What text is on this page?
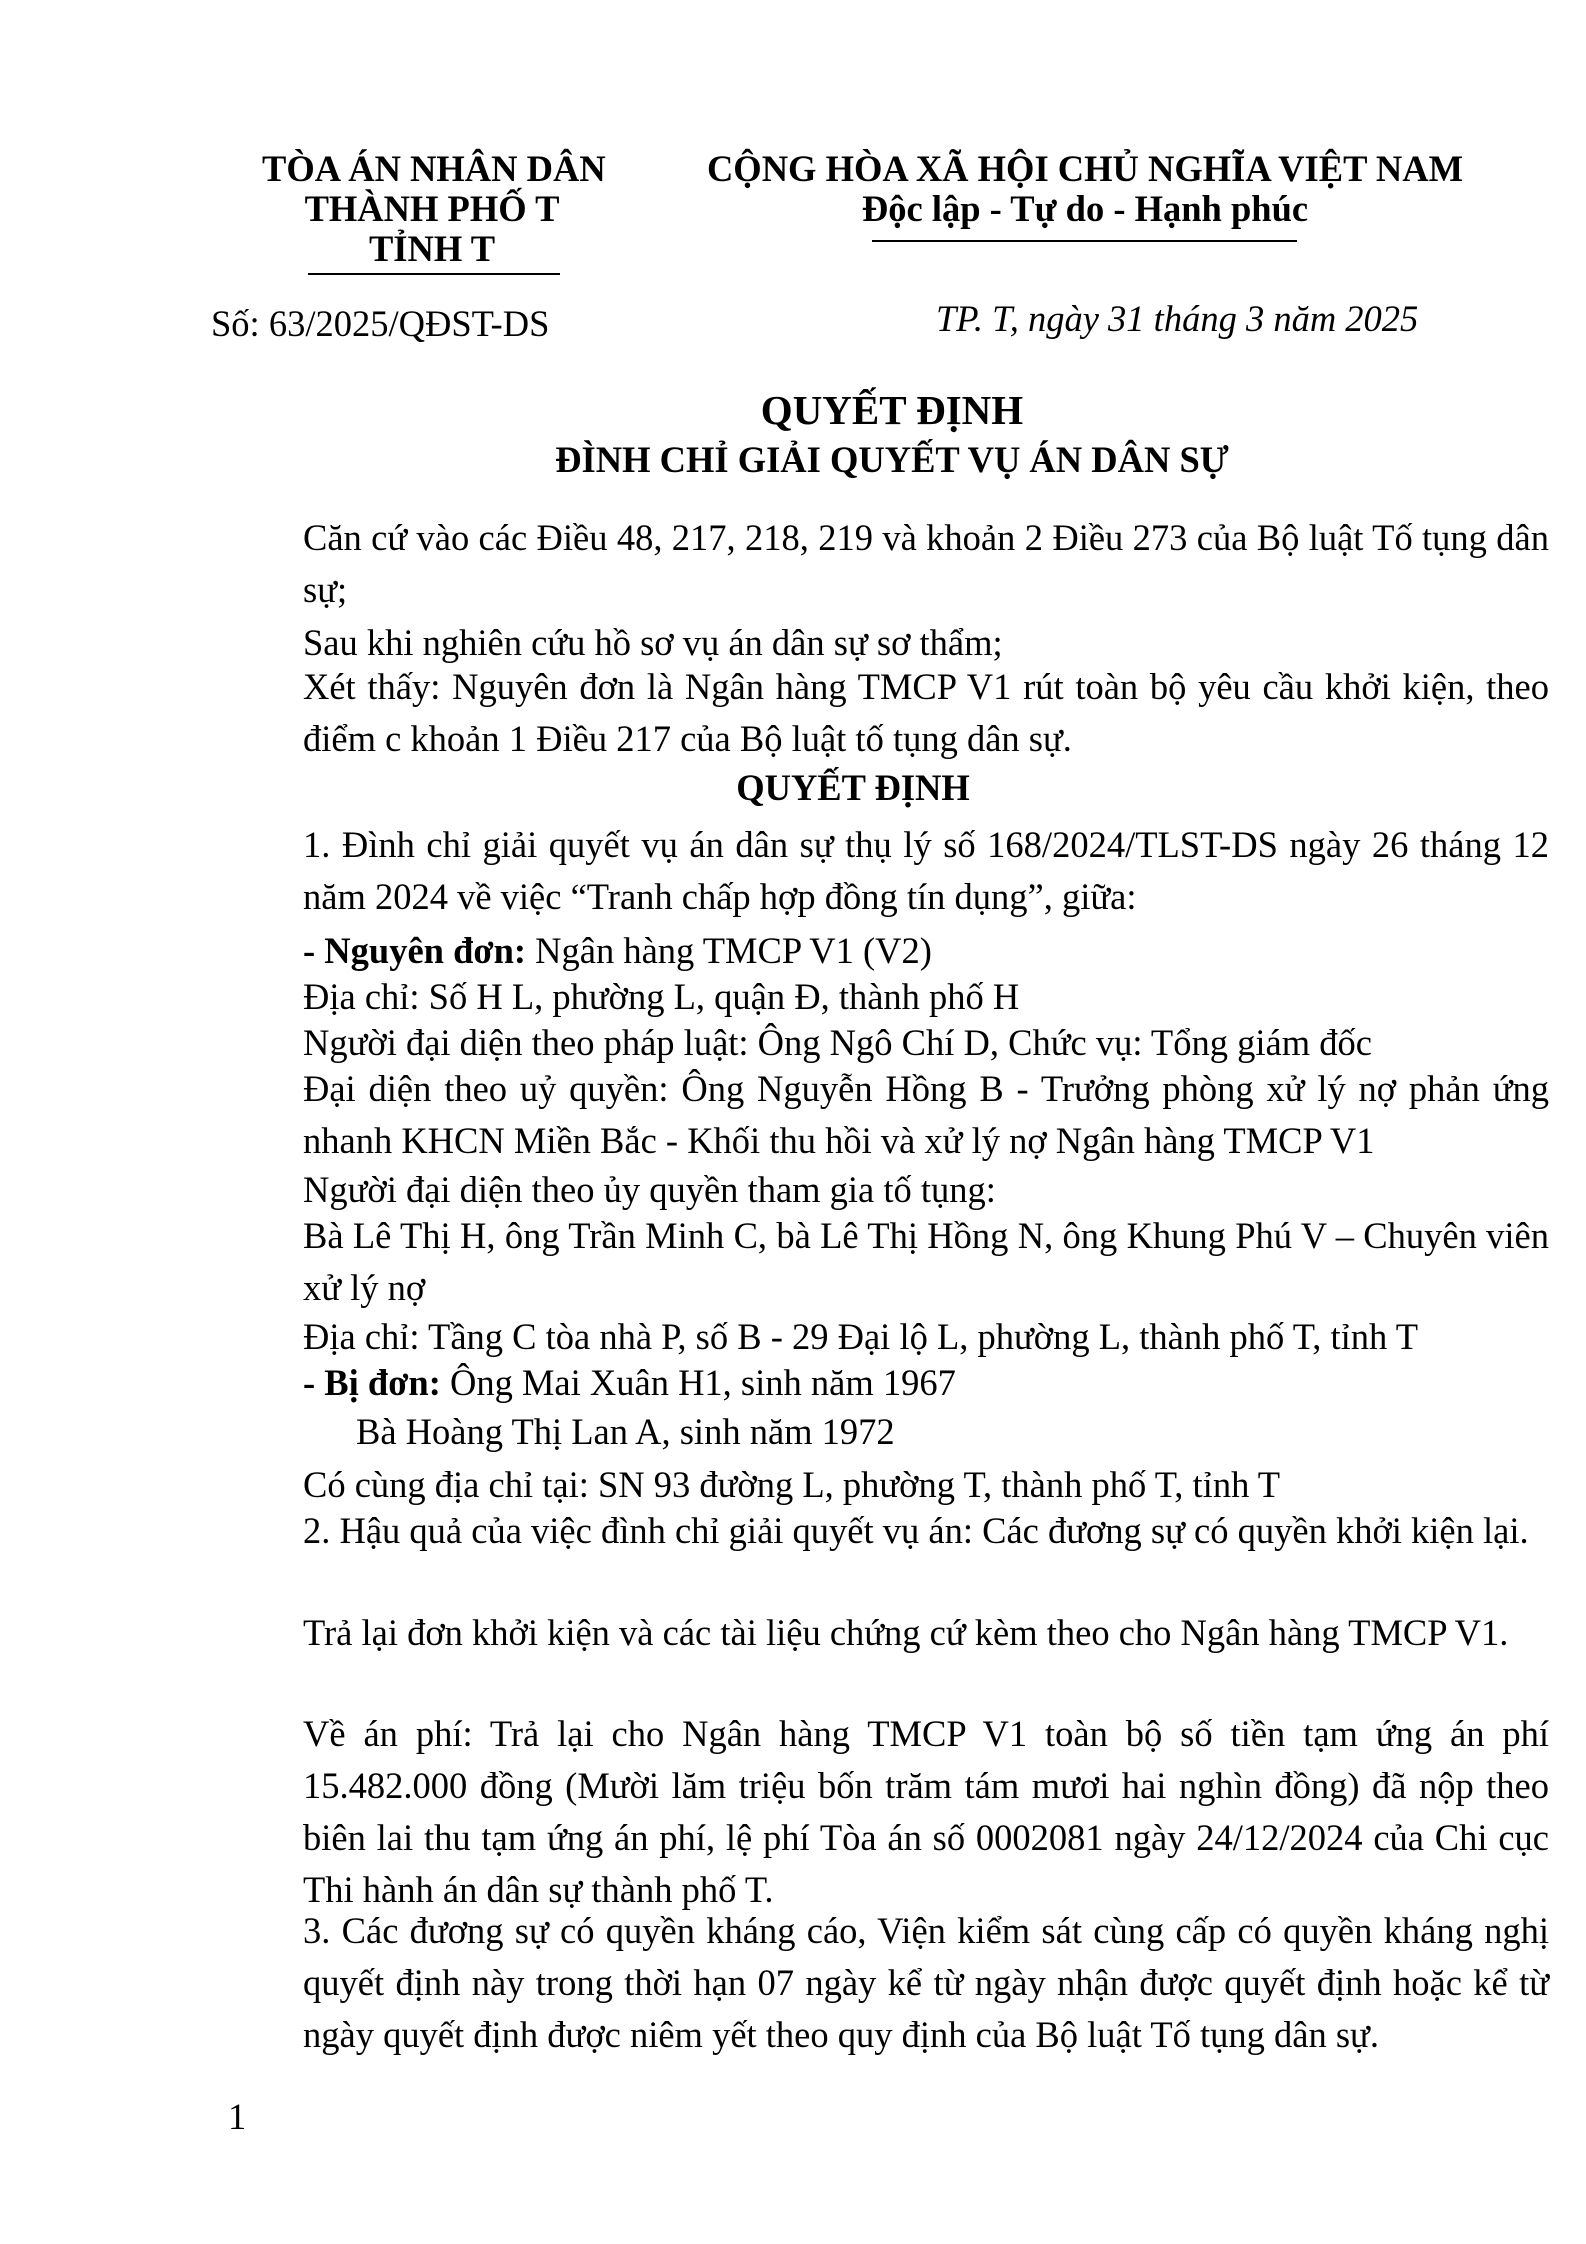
TÒA ÁN NHÂN DÂN
THÀNH PHỐ T
TỈNH T
CỘNG HÒA XÃ HỘI CHỦ NGHĨA VIỆT NAM
Độc lập - Tự do - Hạnh phúc
Số: 63/2025/QĐST-DS	TP. T, ngày 31 tháng 3 năm 2025
QUYẾT ĐỊNH
ĐÌNH CHỈ GIẢI QUYẾT VỤ ÁN DÂN SỰ
Căn cứ vào các Điều 48, 217, 218, 219 và khoản 2 Điều 273 của Bộ luật Tố tụng dân sự;
Sau khi nghiên cứu hồ sơ vụ án dân sự sơ thẩm;
Xét thấy: Nguyên đơn là Ngân hàng TMCP V1 rút toàn bộ yêu cầu khởi kiện, theo điểm c khoản 1 Điều 217 của Bộ luật tố tụng dân sự.
QUYẾT ĐỊNH
1. Đình chỉ giải quyết vụ án dân sự thụ lý số 168/2024/TLST-DS ngày 26 tháng 12 năm 2024 về việc “Tranh chấp hợp đồng tín dụng”, giữa:
- Nguyên đơn: Ngân hàng TMCP V1 (V2)
Địa chỉ: Số H L, phường L, quận Đ, thành phố H
Người đại diện theo pháp luật: Ông Ngô Chí D, Chức vụ: Tổng giám đốc
Đại diện theo uỷ quyền: Ông Nguyễn Hồng B - Trưởng phòng xử lý nợ phản ứng nhanh KHCN Miền Bắc - Khối thu hồi và xử lý nợ Ngân hàng TMCP V1
Người đại diện theo ủy quyền tham gia tố tụng:
Bà Lê Thị H, ông Trần Minh C, bà Lê Thị Hồng N, ông Khung Phú V – Chuyên viên xử lý nợ
Địa chỉ: Tầng C tòa nhà P, số B - 29 Đại lộ L, phường L, thành phố T, tỉnh T
- Bị đơn: Ông Mai Xuân H1, sinh năm 1967
Bà Hoàng Thị Lan A, sinh năm 1972
Có cùng địa chỉ tại: SN 93 đường L, phường T, thành phố T, tỉnh T
2. Hậu quả của việc đình chỉ giải quyết vụ án: Các đương sự có quyền khởi kiện lại.
Trả lại đơn khởi kiện và các tài liệu chứng cứ kèm theo cho Ngân hàng TMCP V1.
Về án phí: Trả lại cho Ngân hàng TMCP V1 toàn bộ số tiền tạm ứng án phí 15.482.000 đồng (Mười lăm triệu bốn trăm tám mươi hai nghìn đồng) đã nộp theo biên lai thu tạm ứng án phí, lệ phí Tòa án số 0002081 ngày 24/12/2024 của Chi cục Thi hành án dân sự thành phố T.
3. Các đương sự có quyền kháng cáo, Viện kiểm sát cùng cấp có quyền kháng nghị quyết định này trong thời hạn 07 ngày kể từ ngày nhận được quyết định hoặc kể từ ngày quyết định được niêm yết theo quy định của Bộ luật Tố tụng dân sự.
1
